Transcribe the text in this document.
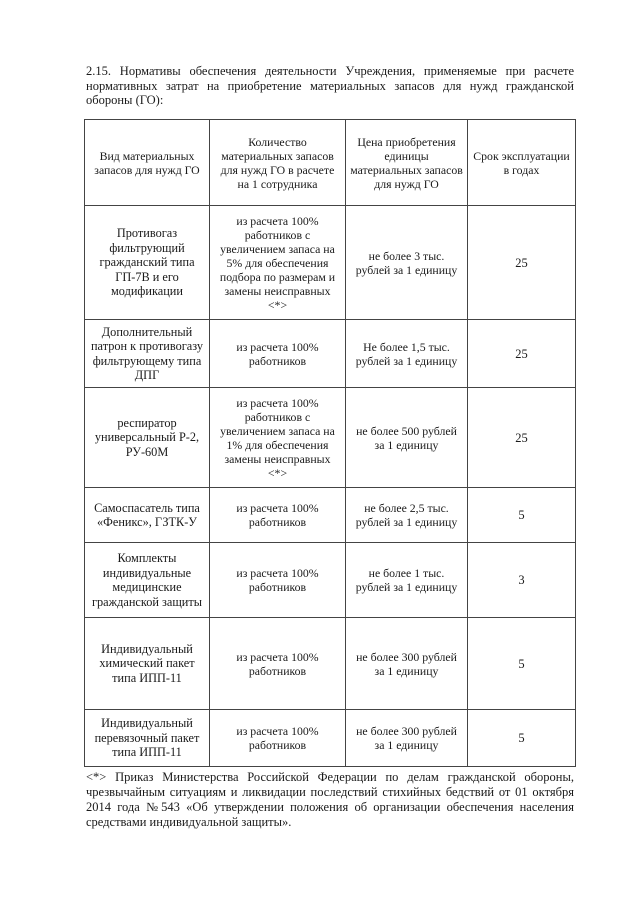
2.15. Нормативы обеспечения деятельности Учреждения, применяемые при расчете нормативных затрат на приобретение материальных запасов для нужд гражданской обороны (ГО):
Вид материальных запасов для нужд ГО	Количество материальных запасов для нужд ГО в расчете на 1 сотрудника	Цена приобретения единицы материальных запасов для нужд ГО	Срок эксплуатации в годах
Противогаз фильтрующий гражданский типа ГП-7В и его модификации	из расчета 100% работников с увеличением запаса на 5% для обеспечения подбора по размерам и замены неисправных <*>	не более 3 тыс. рублей за 1 единицу	25
Дополнительный патрон к противогазу фильтрующему типа ДПГ	из расчета 100% работников	Не более 1,5 тыс. рублей за 1 единицу	25
респиратор универсальный Р-2, РУ-60М	из расчета 100% работников с увеличением запаса на 1% для обеспечения замены неисправных <*>	не более 500 рублей за 1 единицу	25
Самоспасатель типа «Феникс», ГЗТК-У	из расчета 100% работников	не более 2,5 тыс. рублей за 1 единицу	5
Комплекты индивидуальные медицинские гражданской защиты	из расчета 100% работников	не более 1 тыс. рублей за 1 единицу	3
Индивидуальный химический пакет типа ИПП-11	из расчета 100% работников	не более 300 рублей за 1 единицу	5
Индивидуальный перевязочный пакет типа ИПП-11	из расчета 100% работников	не более 300 рублей за 1 единицу	5
<*> Приказ Министерства Российской Федерации по делам гражданской обороны, чрезвычайным ситуациям и ликвидации последствий стихийных бедствий от 01 октября 2014 года №543 «Об утверждении положения об организации обеспечения населения средствами индивидуальной защиты».
